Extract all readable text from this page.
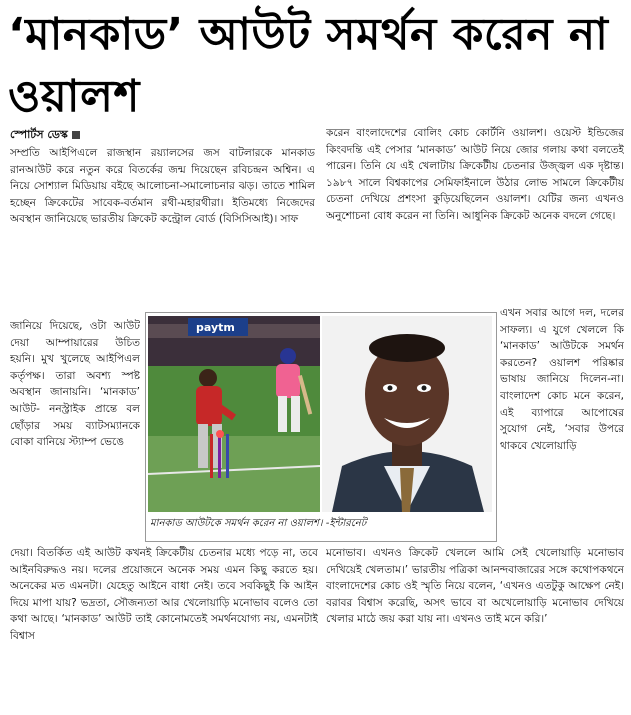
‘মানকাড’ আউট সমর্থন করেন না ওয়ালশ
স্পোর্টস ডেস্ক

সম্প্রতি আইপিএলে রাজস্থান রয়্যালসের জস বাটলারকে মানকাড রানআউট করে নতুন করে বিতর্কের জন্ম দিয়েছেন রবিচন্দ্রন অশ্বিন। এ নিয়ে সোশ্যাল মিডিয়ায় বইছে আলোচনা-সমালোচনার ঝড়। তাতে শামিল হচ্ছেন ক্রিকেটের সাবেক-বর্তমান রথী-মহারথীরা। ইতিমধ্যে নিজেদের অবস্থান জানিয়েছে ভারতীয় ক্রিকেট কন্ট্রোল বোর্ড (বিসিসিআই)। সাফ

জানিয়ে দিয়েছে, ওটা আউট দেয়া আম্পায়ারের উচিত হয়নি। মুখ খুলেছে আইপিএল কর্তৃপক্ষ। তারা অবশ্য স্পষ্ট অবস্থান জানায়নি। ‘মানকাড’ আউট- ননস্ট্রাইক প্রান্তে বল ছোঁড়ার সময় ব্যাটসম্যানকে বোকা বানিয়ে স্ট্যাম্প ভেঙে

দেয়া। বিতর্কিত এই আউট কখনই ক্রিকেটীয় চেতনার মধ্যে পড়ে না, তবে আইনবিরুদ্ধও নয়। দলের প্রয়োজনে অনেক সময় এমন কিছু করতে হয়। অনেকের মত এমনটা। যেহেতু আইনে বাধা নেই। তবে সবকিছুই কি আইন দিয়ে মাপা যায়? ভদ্রতা, সৌজন্যতা আর খেলোয়াড়ি মনোভাব বলেও তো কথা আছে। ‘মানকাড’ আউট তাই কোনোমতেই সমর্থনযোগ্য নয়, এমনটাই বিশ্বাস

করেন বাংলাদেশের বোলিং কোচ কোর্টনি ওয়ালশ। ওয়েস্ট ইন্ডিজের কিংবদন্তি এই পেসার ‘মানকাড’ আউট নিয়ে জোর গলায় কথা বলতেই পারেন। তিনি যে এই খেলাটায় ক্রিকেটীয় চেতনার উজ্জ্বল এক দৃষ্টান্ত। ১৯৮৭ সালে বিশ্বকাপের সেমিফাইনালে উঠার লোভ সামলে ক্রিকেটীয় চেতনা দেখিয়ে প্রশংসা কুড়িয়েছিলেন ওয়ালশ। যেটির জন্য এখনও অনুশোচনা বোধ করেন না তিনি। আধুনিক ক্রিকেট অনেক বদলে গেছে।

এখন সবার আগে দল, দলের সাফল্য। এ যুগে খেললে কি ‘মানকাড’ আউটকে সমর্থন করতেন? ওয়ালশ পরিষ্কার ভাষায় জানিয়ে দিলেন-না। বাংলাদেশ কোচ মনে করেন, এই ব্যাপারে আপোষের সুযোগ নেই, ‘সবার উপরে থাকবে খেলোয়াড়ি

মনোভাব। এখনও ক্রিকেট খেললে আমি সেই খেলোয়াড়ি মনোভাব দেখিয়েই খেলতাম।’ ভারতীয় পত্রিকা আনন্দবাজারের সঙ্গে কথোপকথনে বাংলাদেশের কোচ ওই স্মৃতি নিয়ে বলেন, ‘এখনও এতটুকু আক্ষেপ নেই। বরাবর বিশ্বাস করেছি, অসৎ ভাবে বা অখেলোয়াড়ি মনোভাব দেখিয়ে খেলার মাঠে জয় করা যায় না। এখনও তাই মনে করি।’

paytm
মানকাড আউটকে সমর্থন করেন না ওয়ালশ। -ইন্টারনেট
